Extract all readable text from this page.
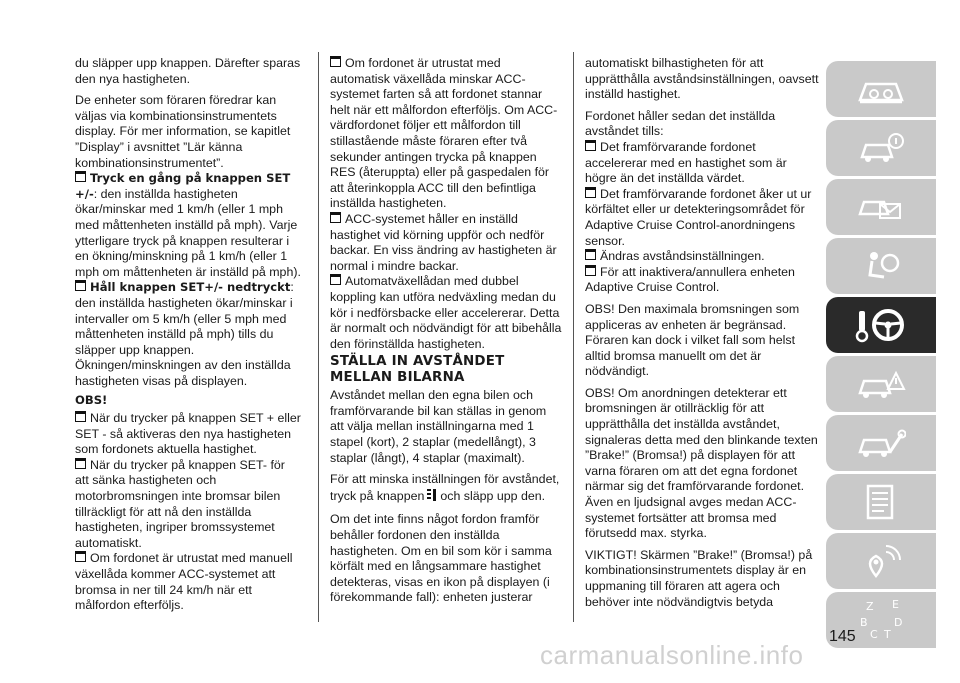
du släpper upp knappen. Därefter sparas den nya hastigheten.

De enheter som föraren föredrar kan väljas via kombinationsinstrumentets display. För mer information, se kapitlet ”Display” i avsnittet ”Lär känna kombinationsinstrumentet”.

Tryck en gång på knappen SET +/-: den inställda hastigheten ökar/minskar med 1 km/h (eller 1 mph med måttenheten inställd på mph). Varje ytterligare tryck på knappen resulterar i en ökning/minskning på 1 km/h (eller 1 mph om måttenheten är inställd på mph).
Håll knappen SET+/- nedtryckt: den inställda hastigheten ökar/minskar i intervaller om 5 km/h (eller 5 mph med måttenheten inställd på mph) tills du släpper upp knappen. Ökningen/minskningen av den inställda hastigheten visas på displayen.
OBS!
När du trycker på knappen SET + eller SET - så aktiveras den nya hastigheten som fordonets aktuella hastighet.
När du trycker på knappen SET- för att sänka hastigheten och motorbromsningen inte bromsar bilen tillräckligt för att nå den inställda hastigheten, ingriper bromssystemet automatiskt.
Om fordonet är utrustat med manuell växellåda kommer ACC-systemet att bromsa in ner till 24 km/h när ett målfordon efterföljs.
Om fordonet är utrustat med automatisk växellåda minskar ACC-systemet farten så att fordonet stannar helt när ett målfordon efterföljs. Om ACC-värdfordonet följer ett målfordon till stillastående måste föraren efter två sekunder antingen trycka på knappen RES (återuppta) eller på gaspedalen för att återinkoppla ACC till den befintliga inställda hastigheten.
ACC-systemet håller en inställd hastighet vid körning uppför och nedför backar. En viss ändring av hastigheten är normal i mindre backar.
Automatväxellådan med dubbel koppling kan utföra nedväxling medan du kör i nedförsbacke eller accelererar. Detta är normalt och nödvändigt för att bibehålla den förinställda hastigheten.
STÄLLA IN AVSTÅNDET MELLAN BILARNA

Avståndet mellan den egna bilen och framförvarande bil kan ställas in genom att välja mellan inställningarna med 1 stapel (kort), 2 staplar (medellångt), 3 staplar (långt), 4 staplar (maximalt).

För att minska inställningen för avståndet, tryck på knappen och släpp upp den.

Om det inte finns något fordon framför behåller fordonen den inställda hastigheten. Om en bil som kör i samma körfält med en långsammare hastighet detekteras, visas en ikon på displayen (i förekommande fall): enheten justerar

automatiskt bilhastigheten för att upprätthålla avståndsinställningen, oavsett inställd hastighet.

Fordonet håller sedan det inställda avståndet tills:

Det framförvarande fordonet accelererar med en hastighet som är högre än det inställda värdet.
Det framförvarande fordonet åker ut ur körfältet eller ur detekteringsområdet för Adaptive Cruise Control-anordningens sensor.
Ändras avståndsinställningen.
För att inaktivera/annullera enheten Adaptive Cruise Control.

OBS! Den maximala bromsningen som appliceras av enheten är begränsad. Föraren kan dock i vilket fall som helst alltid bromsa manuellt om det är nödvändigt.

OBS! Om anordningen detekterar ett bromsningen är otillräcklig för att upprätthålla det inställda avståndet, signaleras detta med den blinkande texten ”Brake!” (Bromsa!) på displayen för att varna föraren om att det egna fordonet närmar sig det framförvarande fordonet. Även en ljudsignal avges medan ACC-systemet fortsätter att bromsa med förutsedd max. styrka.

VIKTIGT! Skärmen ”Brake!” (Bromsa!) på kombinationsinstrumentets display är en uppmaning till föraren att agera och behöver inte nödvändigtvis betyda	Z E
B D
C T
145
carmanualsonline.info
